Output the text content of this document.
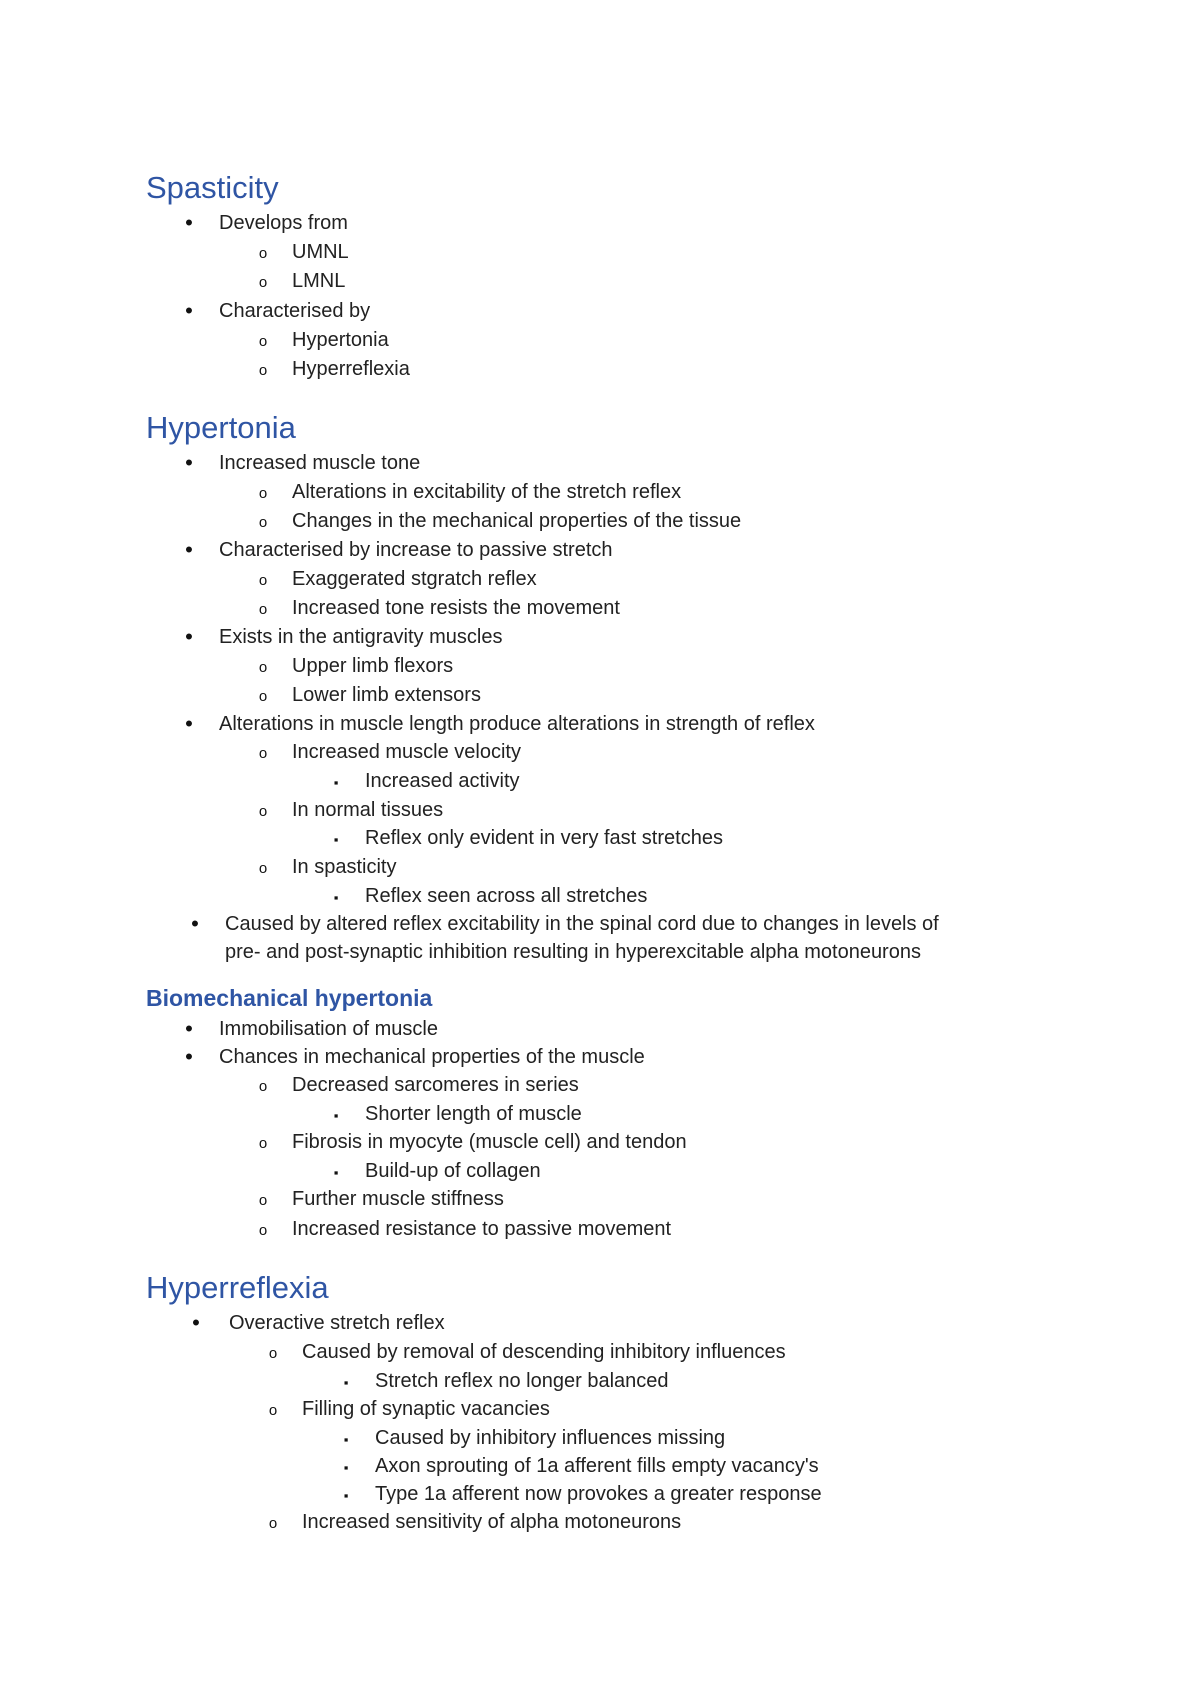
Spasticity
•
Develops from
o
UMNL
o
LMNL
•
Characterised by
o
Hypertonia
o
Hyperreflexia
Hypertonia
•
Increased muscle tone
o
Alterations in excitability of the stretch reflex
o
Changes in the mechanical properties of the tissue
•
Characterised by increase to passive stretch
o
Exaggerated stgratch reflex
o
Increased tone resists the movement
•
Exists in the antigravity muscles
o
Upper limb flexors
o
Lower limb extensors
•
Alterations in muscle length produce alterations in strength of reflex
o
Increased muscle velocity
▪
Increased activity
o
In normal tissues
▪
Reflex only evident in very fast stretches
o
In spasticity
▪
Reflex seen across all stretches
•
Caused by altered reflex excitability in the spinal cord due to changes in levels of
pre- and post-synaptic inhibition resulting in hyperexcitable alpha motoneurons
Biomechanical hypertonia
•
Immobilisation of muscle
•
Chances in mechanical properties of the muscle
o
Decreased sarcomeres in series
▪
Shorter length of muscle
o
Fibrosis in myocyte (muscle cell) and tendon
▪
Build-up of collagen
o
Further muscle stiffness
o
Increased resistance to passive movement
Hyperreflexia
•
Overactive stretch reflex
o
Caused by removal of descending inhibitory influences
▪
Stretch reflex no longer balanced
o
Filling of synaptic vacancies
▪
Caused by inhibitory influences missing
▪
Axon sprouting of 1a afferent fills empty vacancy's
▪
Type 1a afferent now provokes a greater response
o
Increased sensitivity of alpha motoneurons
